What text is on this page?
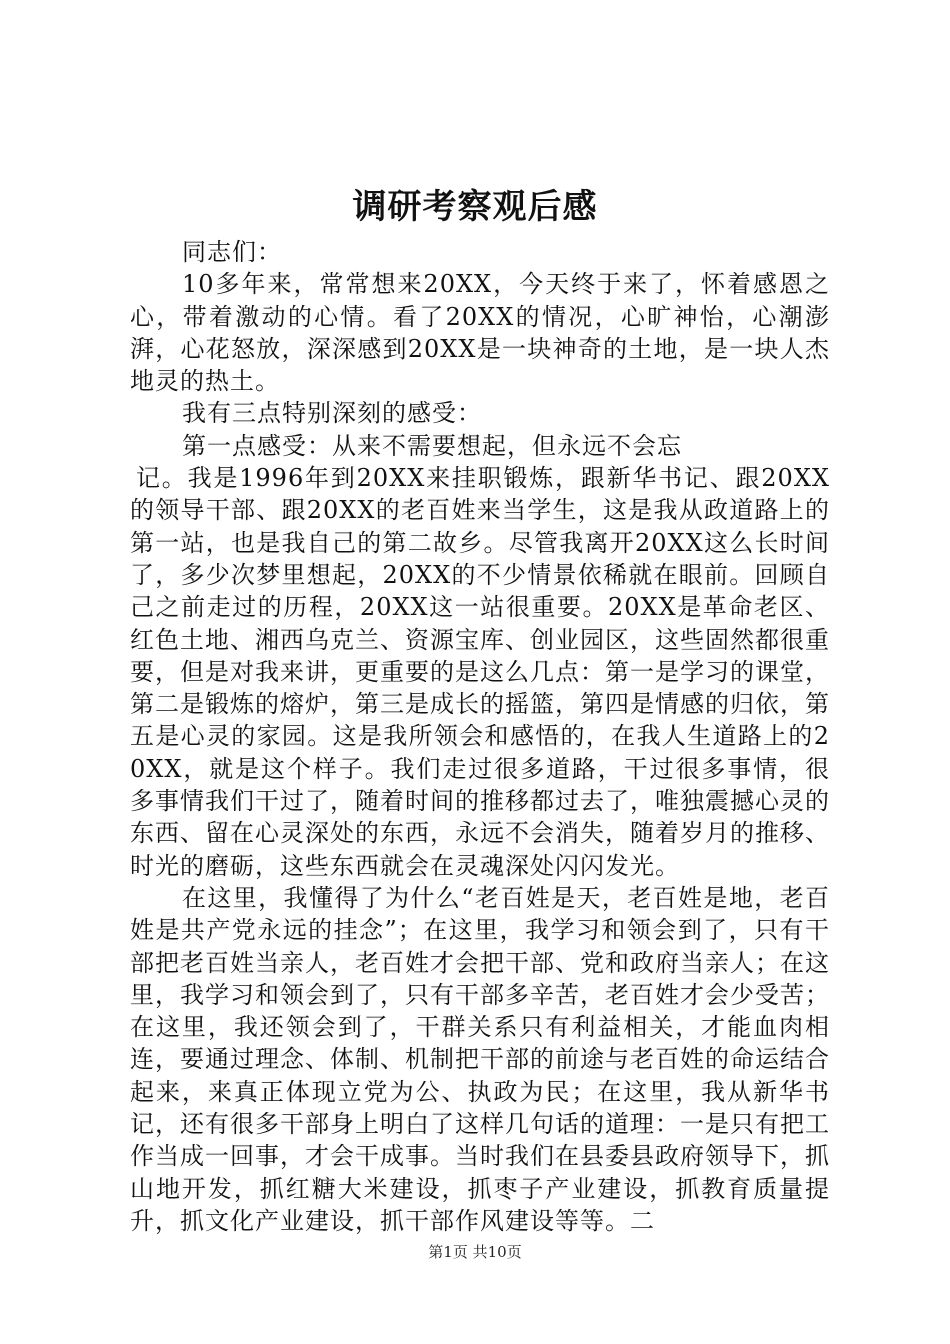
调研考察观后感

同志们：

10多年来，常常想来20XX，今天终于来了，怀着感恩之心，带着激动的心情。看了20XX的情况，心旷神怡，心潮澎湃，心花怒放，深深感到20XX是一块神奇的土地，是一块人杰地灵的热土。

我有三点特别深刻的感受：

第一点感受：从来不需要想起，但永远不会忘

记。我是1996年到20XX来挂职锻炼，跟新华书记、跟20XX的领导干部、跟20XX的老百姓来当学生，这是我从政道路上的第一站，也是我自己的第二故乡。尽管我离开20XX这么长时间了，多少次梦里想起，20XX的不少情景依稀就在眼前。回顾自己之前走过的历程，20XX这一站很重要。20XX是革命老区、红色土地、湘西乌克兰、资源宝库、创业园区，这些固然都很重要，但是对我来讲，更重要的是这么几点：第一是学习的课堂，第二是锻炼的熔炉，第三是成长的摇篮，第四是情感的归依，第五是心灵的家园。这是我所领会和感悟的，在我人生道路上的20XX，就是这个样子。我们走过很多道路，干过很多事情，很多事情我们干过了，随着时间的推移都过去了，唯独震撼心灵的东西、留在心灵深处的东西，永远不会消失，随着岁月的推移、时光的磨砺，这些东西就会在灵魂深处闪闪发光。

在这里，我懂得了为什么“老百姓是天，老百姓是地，老百姓是共产党永远的挂念”；在这里，我学习和领会到了，只有干部把老百姓当亲人，老百姓才会把干部、党和政府当亲人；在这里，我学习和领会到了，只有干部多辛苦，老百姓才会少受苦；在这里，我还领会到了，干群关系只有利益相关，才能血肉相连，要通过理念、体制、机制把干部的前途与老百姓的命运结合起来，来真正体现立党为公、执政为民；在这里，我从新华书记，还有很多干部身上明白了这样几句话的道理：一是只有把工作当成一回事，才会干成事。当时我们在县委县政府领导下，抓山地开发，抓红糖大米建设，抓枣子产业建设，抓教育质量提升，抓文化产业建设，抓干部作风建设等等。二

第1页 共10页
